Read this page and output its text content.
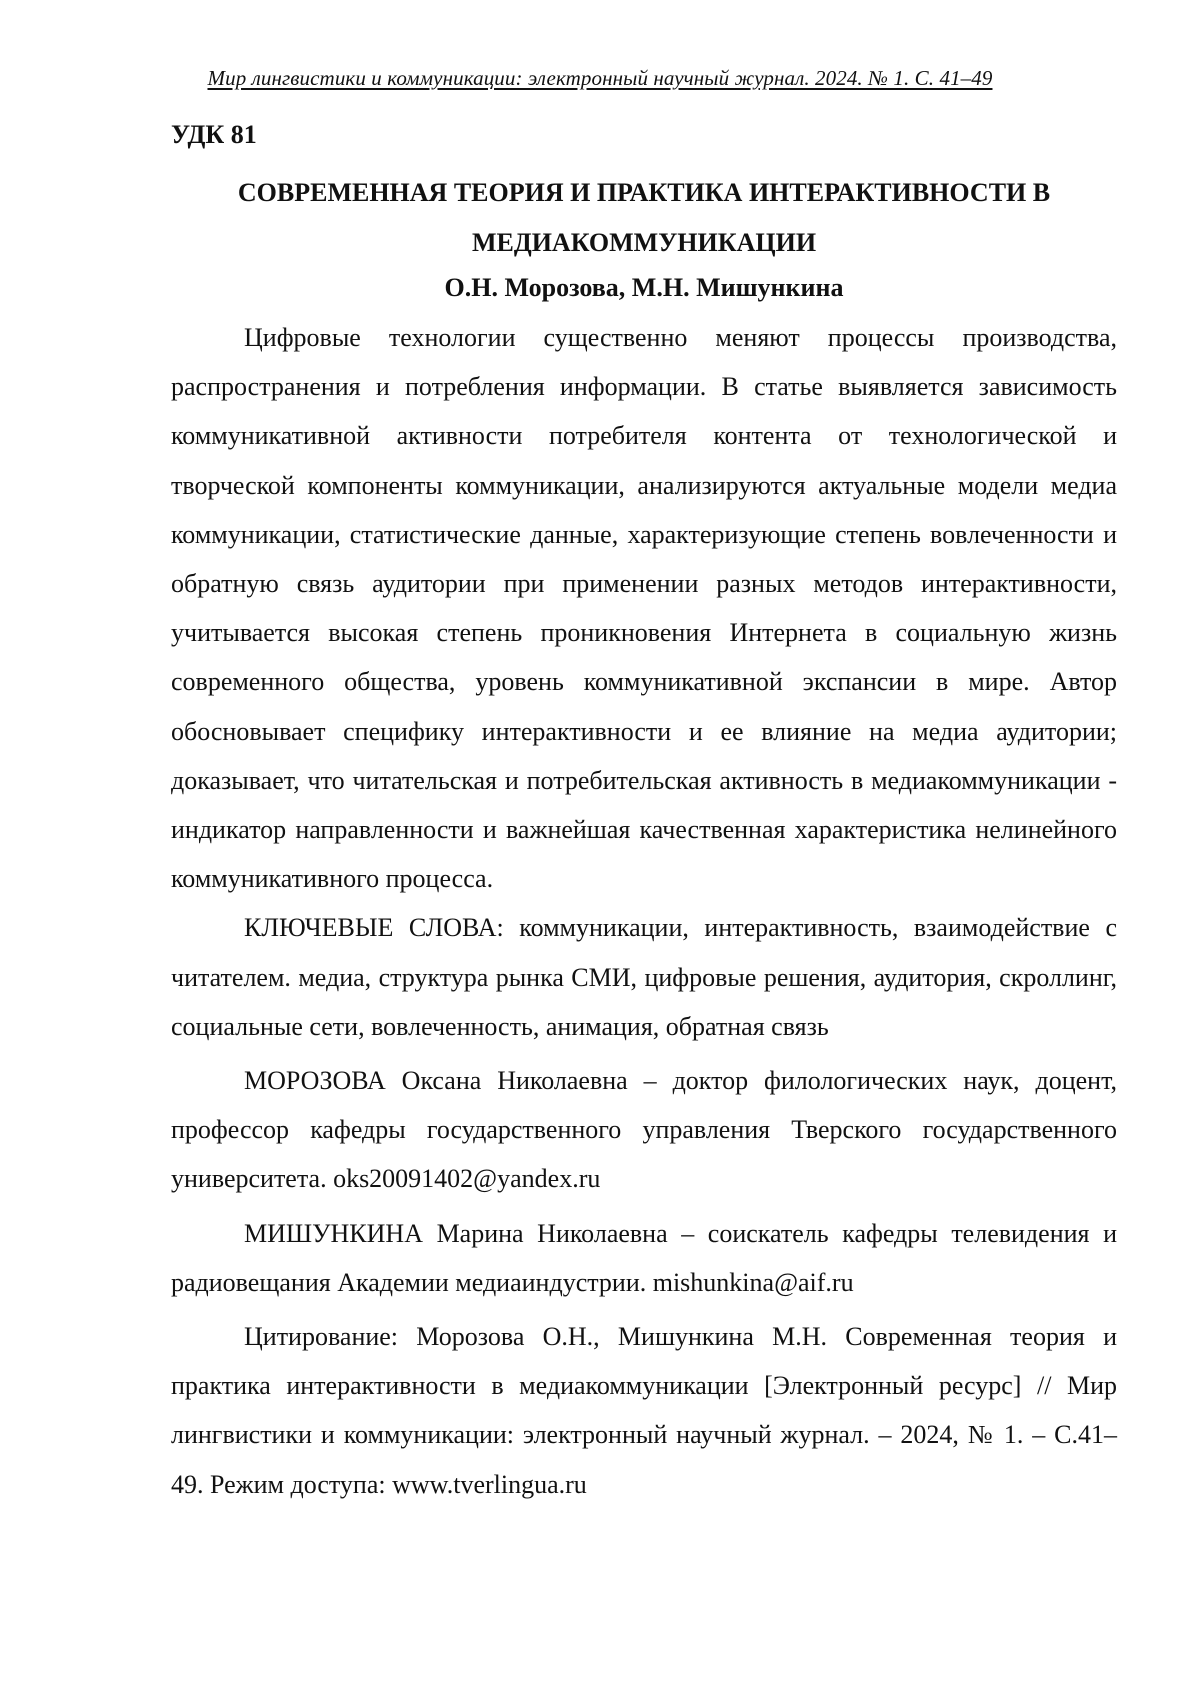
Мир лингвистики и коммуникации: электронный научный журнал. 2024. № 1. С. 41–49
УДК 81
СОВРЕМЕННАЯ ТЕОРИЯ И ПРАКТИКА ИНТЕРАКТИВНОСТИ В МЕДИАКОММУНИКАЦИИ
О.Н. Морозова, М.Н. Мишункина

Цифровые технологии существенно меняют процессы производства, распространения и потребления информации. В статье выявляется зависимость коммуникативной активности потребителя контента от технологической и творческой компоненты коммуникации, анализируются актуальные модели медиа коммуникации, статистические данные, характеризующие степень вовлеченности и обратную связь аудитории при применении разных методов интерактивности, учитывается высокая степень проникновения Интернета в социальную жизнь современного общества, уровень коммуникативной экспансии в мире. Автор обосновывает специфику интерактивности и ее влияние на медиа аудитории; доказывает, что читательская и потребительская активность в медиакоммуникации - индикатор направленности и важнейшая качественная характеристика нелинейного коммуникативного процесса.

КЛЮЧЕВЫЕ СЛОВА: коммуникации, интерактивность, взаимодействие с читателем. медиа, структура рынка СМИ, цифровые решения, аудитория, скроллинг, социальные сети, вовлеченность, анимация, обратная связь

МОРОЗОВА Оксана Николаевна – доктор филологических наук, доцент, профессор кафедры государственного управления Тверского государственного университета. oks20091402@yandex.ru

МИШУНКИНА Марина Николаевна – соискатель кафедры телевидения и радиовещания Академии медиаиндустрии. mishunkina@aif.ru

Цитирование: Морозова О.Н., Мишункина М.Н. Современная теория и практика интерактивности в медиакоммуникации [Электронный ресурс] // Мир лингвистики и коммуникации: электронный научный журнал. – 2024, № 1. – С.41–49. Режим доступа: www.tverlingua.ru
